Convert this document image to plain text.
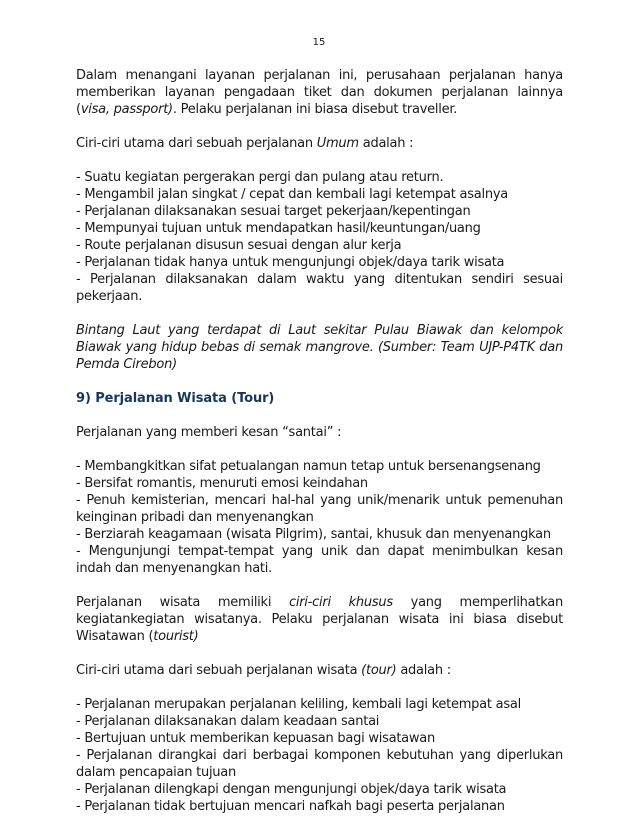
15

Dalam menangani layanan perjalanan ini, perusahaan perjalanan hanya memberikan layanan pengadaan tiket dan dokumen perjalanan lainnya (visa, passport). Pelaku perjalanan ini biasa disebut traveller.

Ciri-ciri utama dari sebuah perjalanan Umum adalah :

- Suatu kegiatan pergerakan pergi dan pulang atau return.

- Mengambil jalan singkat / cepat dan kembali lagi ketempat asalnya

- Perjalanan dilaksanakan sesuai target pekerjaan/kepentingan

- Mempunyai tujuan untuk mendapatkan hasil/keuntungan/uang

- Route perjalanan disusun sesuai dengan alur kerja

- Perjalanan tidak hanya untuk mengunjungi objek/daya tarik wisata

- Perjalanan dilaksanakan dalam waktu yang ditentukan sendiri sesuai pekerjaan.

Bintang Laut yang terdapat di Laut sekitar Pulau Biawak dan kelompok Biawak yang hidup bebas di semak mangrove. (Sumber: Team UJP-P4TK dan Pemda Cirebon)

9) Perjalanan Wisata (Tour)

Perjalanan yang memberi kesan “santai” :

- Membangkitkan sifat petualangan namun tetap untuk bersenangsenang

- Bersifat romantis, menuruti emosi keindahan

- Penuh kemisterian, mencari hal-hal yang unik/menarik untuk pemenuhan keinginan pribadi dan menyenangkan

- Berziarah keagamaan (wisata Pilgrim), santai, khusuk dan menyenangkan

- Mengunjungi tempat-tempat yang unik dan dapat menimbulkan kesan indah dan menyenangkan hati.

Perjalanan wisata memiliki ciri-ciri khusus yang memperlihatkan kegiatankegiatan wisatanya. Pelaku perjalanan wisata ini biasa disebut Wisatawan (tourist)

Ciri-ciri utama dari sebuah perjalanan wisata (tour) adalah :

- Perjalanan merupakan perjalanan keliling, kembali lagi ketempat asal

- Perjalanan dilaksanakan dalam keadaan santai

- Bertujuan untuk memberikan kepuasan bagi wisatawan

- Perjalanan dirangkai dari berbagai komponen kebutuhan yang diperlukan dalam pencapaian tujuan

- Perjalanan dilengkapi dengan mengunjungi objek/daya tarik wisata

- Perjalanan tidak bertujuan mencari nafkah bagi peserta perjalanan
